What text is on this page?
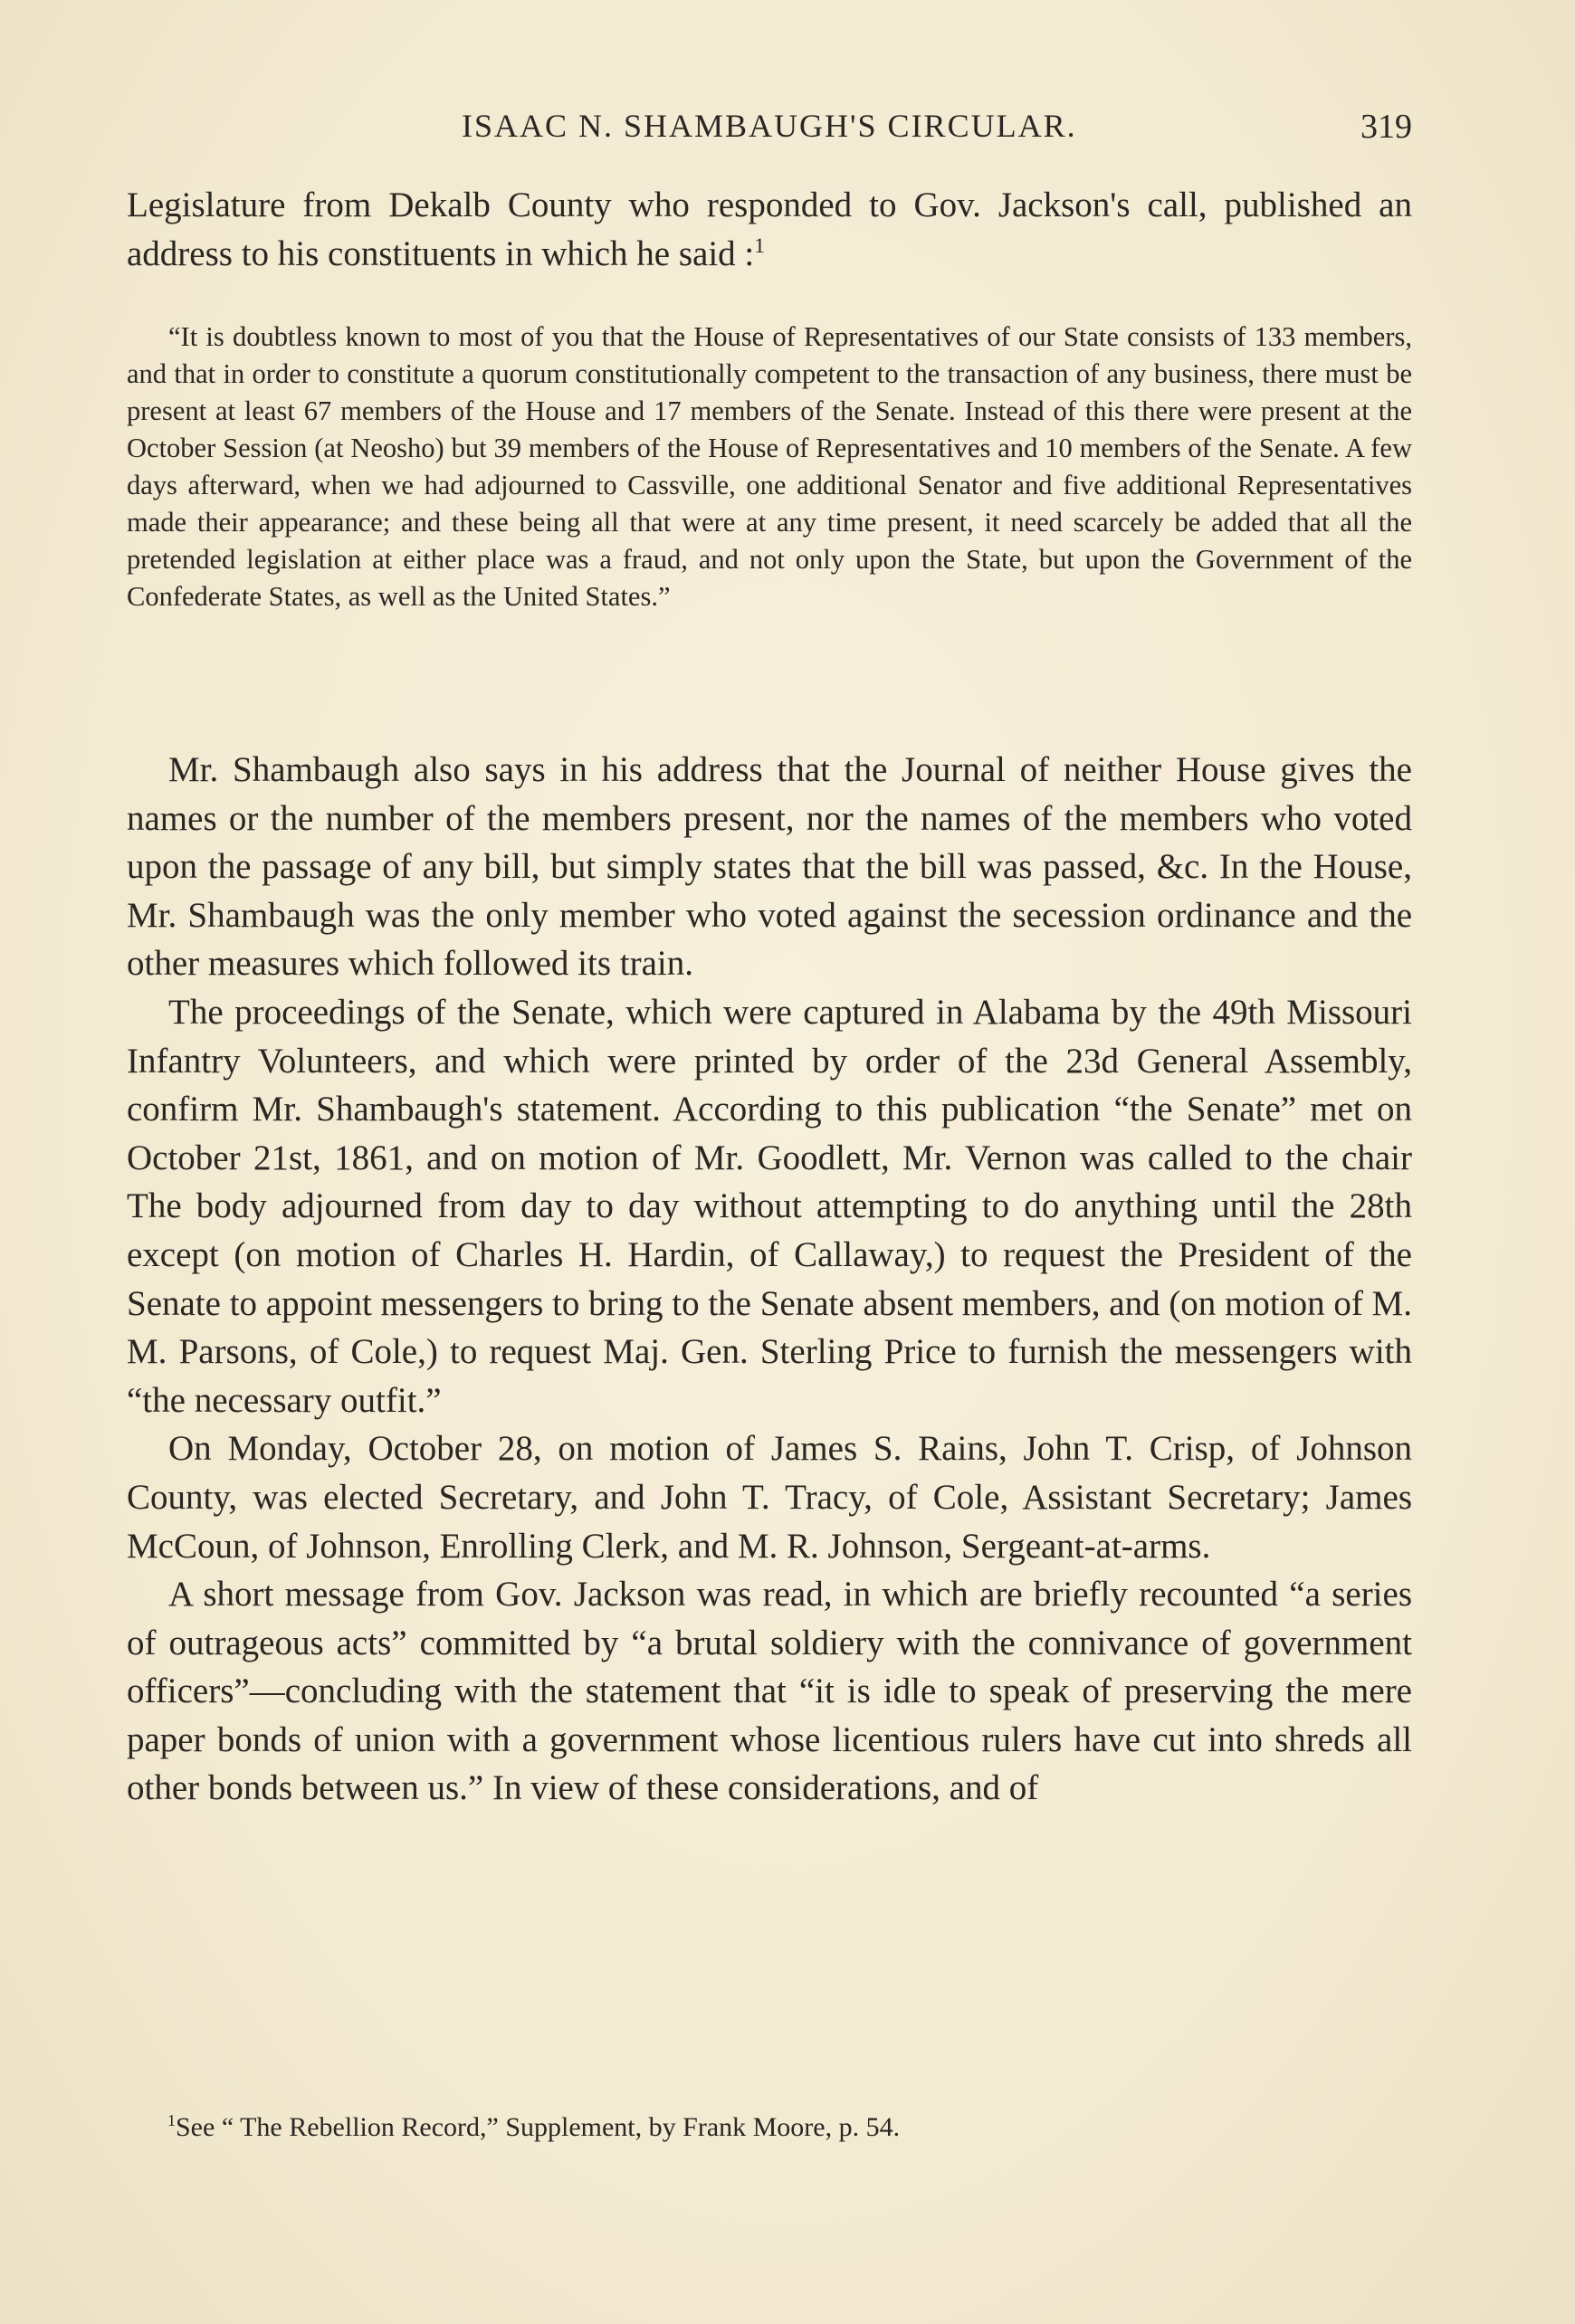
ISAAC N. SHAMBAUGH'S CIRCULAR.	319

Legislature from Dekalb County who responded to Gov. Jackson's call, published an address to his constituents in which he said :$^1$

“It is doubtless known to most of you that the House of Representatives of our State consists of 133 members, and that in order to constitute a quorum constitutionally competent to the transaction of any business, there must be present at least 67 members of the House and 17 members of the Senate. Instead of this there were present at the October Session (at Neosho) but 39 members of the House of Representatives and 10 members of the Senate. A few days afterward, when we had adjourned to Cassville, one additional Senator and five additional Representatives made their appearance; and these being all that were at any time present, it need scarcely be added that all the pretended legislation at either place was a fraud, and not only upon the State, but upon the Government of the Confederate States, as well as the United States.”

Mr. Shambaugh also says in his address that the Journal of neither House gives the names or the number of the members present, nor the names of the members who voted upon the passage of any bill, but simply states that the bill was passed, &c. In the House, Mr. Shambaugh was the only member who voted against the secession ordinance and the other measures which followed its train.

The proceedings of the Senate, which were captured in Alabama by the 49th Missouri Infantry Volunteers, and which were printed by order of the 23d General Assembly, confirm Mr. Shambaugh's statement. According to this publication “the Senate” met on October 21st, 1861, and on motion of Mr. Goodlett, Mr. Vernon was called to the chair The body adjourned from day to day without attempting to do anything until the 28th except (on motion of Charles H. Hardin, of Callaway,) to request the President of the Senate to appoint messengers to bring to the Senate absent members, and (on motion of M. M. Parsons, of Cole,) to request Maj. Gen. Sterling Price to furnish the messengers with “the necessary outfit.”

On Monday, October 28, on motion of James S. Rains, John T. Crisp, of Johnson County, was elected Secretary, and John T. Tracy, of Cole, Assistant Secretary; James McCoun, of Johnson, Enrolling Clerk, and M. R. Johnson, Sergeant-at-arms.

A short message from Gov. Jackson was read, in which are briefly recounted “a series of outrageous acts” committed by “a brutal soldiery with the connivance of government officers”—concluding with the statement that “it is idle to speak of preserving the mere paper bonds of union with a government whose licentious rulers have cut into shreds all other bonds between us.” In view of these considerations, and of

$^1$See “ The Rebellion Record,” Supplement, by Frank Moore, p. 54.
